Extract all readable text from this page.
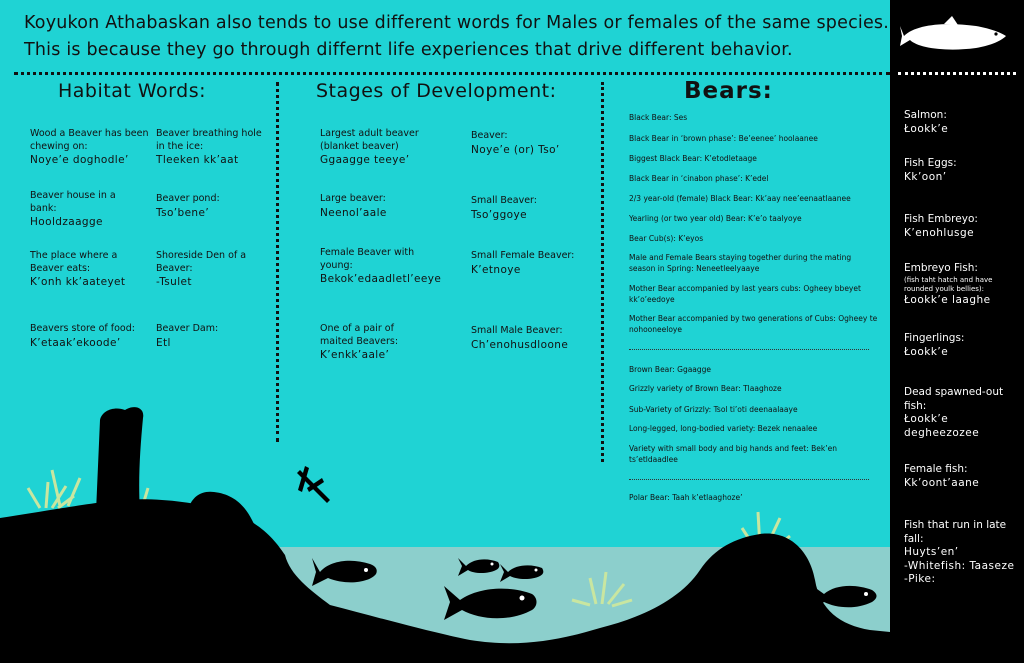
Koyukon Athabaskan also tends to use different words for Males or females of the same species. This is because they go through differnt life experiences that drive different behavior.
Habitat Words:
Wood a Beaver has been chewing on:
Noye’e doghodle’
Beaver breathing hole in the ice:
Tleeken kk’aat
Beaver house in a bank:
Hooldzaagge
Beaver pond:
Tso’bene’
The place where a Beaver eats:
K’onh kk’aateyet
Shoreside Den of a Beaver:
-Tsulet
Beavers store of food:
K’etaak’ekoode’
Beaver Dam:
Etl
Stages of Development:
Largest adult beaver (blanket beaver)
Ggaagge teeye’
Beaver:
Noye’e (or) Tso’
Large beaver:
Neenol’aale
Small Beaver:
Tso’ggoye
Female Beaver with young:
Bekok’edaadletl’eeye
Small Female Beaver:
K’etnoye
One of a pair of maited Beavers:
K’enkk’aale’
Small Male Beaver:
Ch’enohusdloone
Bears:
Black Bear: Ses
Black Bear in ‘brown phase’: Be’eenee’ hoolaanee
Biggest Black Bear: K’etodletaage
Black Bear in ‘cinabon phase’: K’edel
2/3 year-old (female) Black Bear: Kk’aay nee’eenaatlaanee
Yearling (or two year old) Bear: K’e’o taalyoye
Bear Cub(s): K’eyos
Male and Female Bears staying together during the mating season in Spring: Neneetleelyaaye
Mother Bear accompanied by last years cubs: Ogheey bbeyet kk’o’eedoye
Mother Bear accompanied by two generations of Cubs: Ogheey te nohooneeloye
Brown Bear: Ggaagge
Grizzly variety of Brown Bear: Tlaaghoze
Sub-Variety of Grizzly: Tsol ti’oti deenaalaaye
Long-legged, long-bodied variety: Bezek nenaalee
Variety with small body and big hands and feet: Bek’en ts’etldaadlee
Polar Bear: Taah k’etlaaghoze’
Salmon:
Łookk’e
Fish Eggs:
Kk’oon’
Fish Embreyo:
K’enohlusge
Embreyo Fish:
(fish taht hatch and have rounded youlk bellies):
Łookk’e laaghe
Fingerlings:
Łookk’e
Dead spawned-out fish:
Łookk’e degheezozee
Female fish:
Kk’oont’aane
Fish that run in late fall:
Huyts’en’
-Whitefish: Taaseze
-Pike:
